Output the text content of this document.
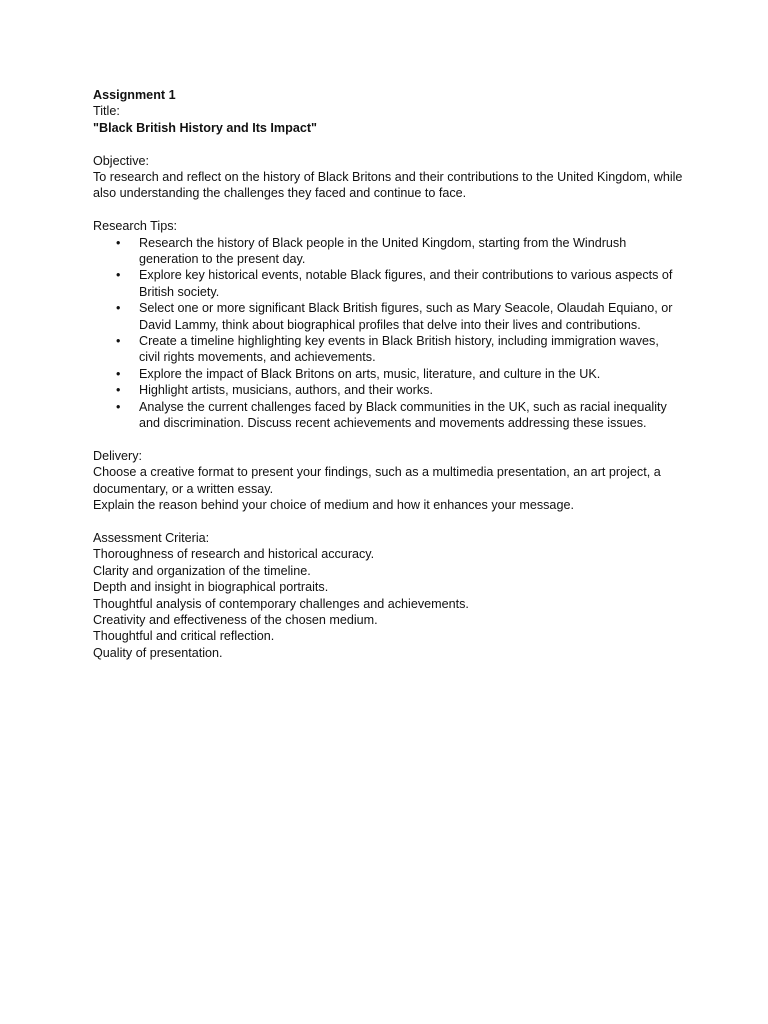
Assignment 1

Title:

"Black British History and Its Impact"

Objective:

To research and reflect on the history of Black Britons and their contributions to the United Kingdom, while also understanding the challenges they faced and continue to face.

Research Tips:

• Research the history of Black people in the United Kingdom, starting from the Windrush generation to the present day.
• Explore key historical events, notable Black figures, and their contributions to various aspects of British society.
• Select one or more significant Black British figures, such as Mary Seacole, Olaudah Equiano, or David Lammy, think about biographical profiles that delve into their lives and contributions.
• Create a timeline highlighting key events in Black British history, including immigration waves, civil rights movements, and achievements.
• Explore the impact of Black Britons on arts, music, literature, and culture in the UK.
• Highlight artists, musicians, authors, and their works.
• Analyse the current challenges faced by Black communities in the UK, such as racial inequality and discrimination. Discuss recent achievements and movements addressing these issues.

Delivery:

Choose a creative format to present your findings, such as a multimedia presentation, an art project, a documentary, or a written essay.

Explain the reason behind your choice of medium and how it enhances your message.

Assessment Criteria:

Thoroughness of research and historical accuracy.

Clarity and organization of the timeline.

Depth and insight in biographical portraits.

Thoughtful analysis of contemporary challenges and achievements.

Creativity and effectiveness of the chosen medium.

Thoughtful and critical reflection.

Quality of presentation.
